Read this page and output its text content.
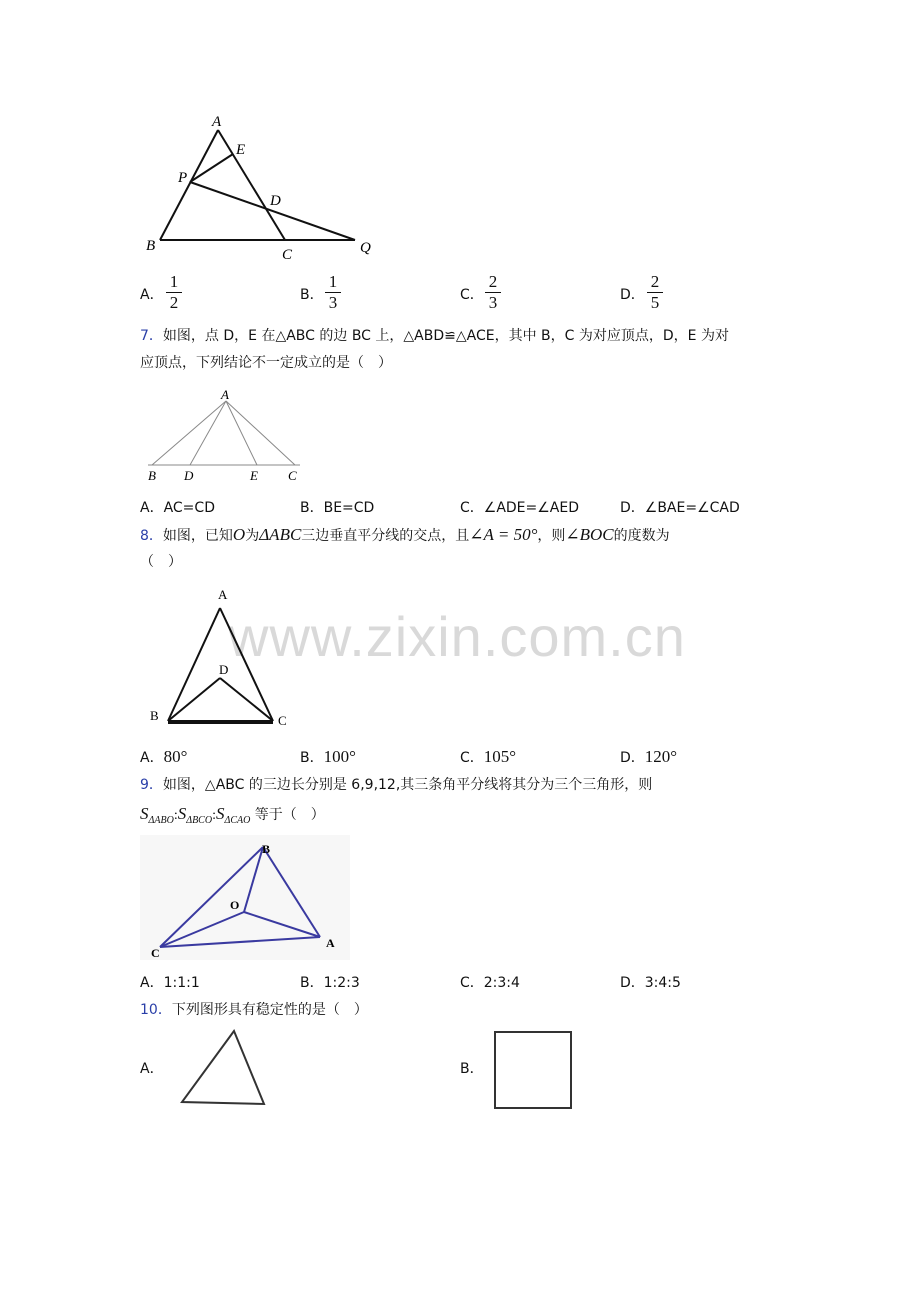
A
E
P
D
B
C	Q
A．
1
2	B．
1
3	C．
2
3	D．
2
5
7．如图，点 D，E 在△ABC 的边 BC 上，△ABD≌△ACE，其中 B，C 为对应顶点，D，E 为对
应顶点，下列结论不一定成立的是（　）
A
B D	E C
A．AC=CD	B．BE=CD	C．∠ADE=∠AED	D．∠BAE=∠CAD
8．如图，已知O为ΔABC三边垂直平分线的交点，且∠A = 50°，则∠BOC的度数为
（　）
www.zixin.com.cn
A
D
B	C
A．80°	B．100°	C．105°	D．120°
9．如图，△ABC 的三边长分别是 6,9,12,其三条角平分线将其分为三个三角形，则
$S_{\Delta ABO}:S_{\Delta BCO}:S_{\Delta CAO}$ 等于（　）
B
O
C
A
A．1:1:1	B．1:2:3	C．2:3:4	D．3:4:5
10．下列图形具有稳定性的是（　）
A．	B．
